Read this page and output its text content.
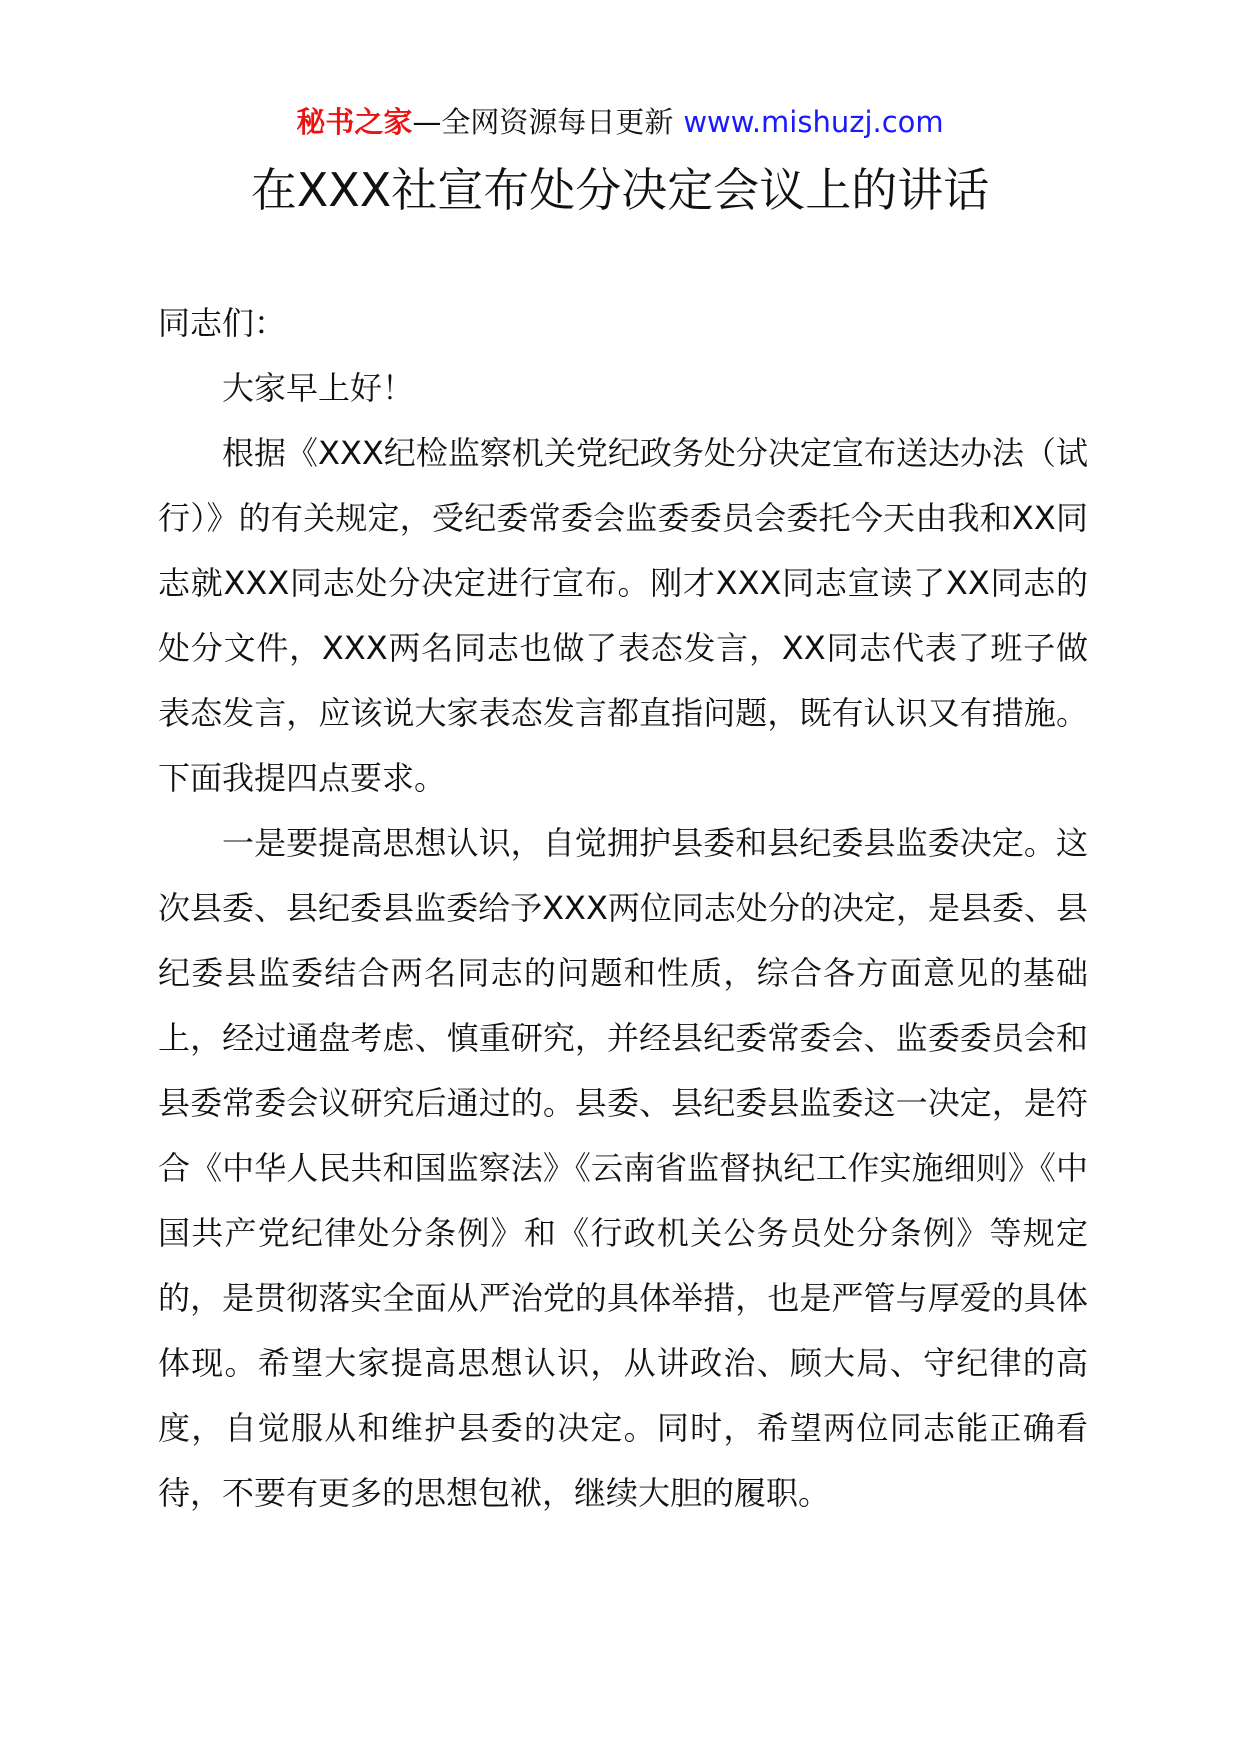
秘书之家—全网资源每日更新 www.mishuzj.com
在XXX社宣布处分决定会议上的讲话

同志们：

大家早上好！

根据《XXX纪检监察机关党纪政务处分决定宣布送达办法（试行）》的有关规定，受纪委常委会监委委员会委托今天由我和XX同志就XXX同志处分决定进行宣布。刚才XXX同志宣读了XX同志的处分文件，XXX两名同志也做了表态发言，XX同志代表了班子做表态发言，应该说大家表态发言都直指问题，既有认识又有措施。下面我提四点要求。

一是要提高思想认识，自觉拥护县委和县纪委县监委决定。这次县委、县纪委县监委给予XXX两位同志处分的决定，是县委、县纪委县监委结合两名同志的问题和性质，综合各方面意见的基础上，经过通盘考虑、慎重研究，并经县纪委常委会、监委委员会和县委常委会议研究后通过的。县委、县纪委县监委这一决定，是符合《中华人民共和国监察法》《云南省监督执纪工作实施细则》《中国共产党纪律处分条例》和《行政机关公务员处分条例》等规定的，是贯彻落实全面从严治党的具体举措，也是严管与厚爱的具体体现。希望大家提高思想认识，从讲政治、顾大局、守纪律的高度，自觉服从和维护县委的决定。同时，希望两位同志能正确看待，不要有更多的思想包袱，继续大胆的履职。
